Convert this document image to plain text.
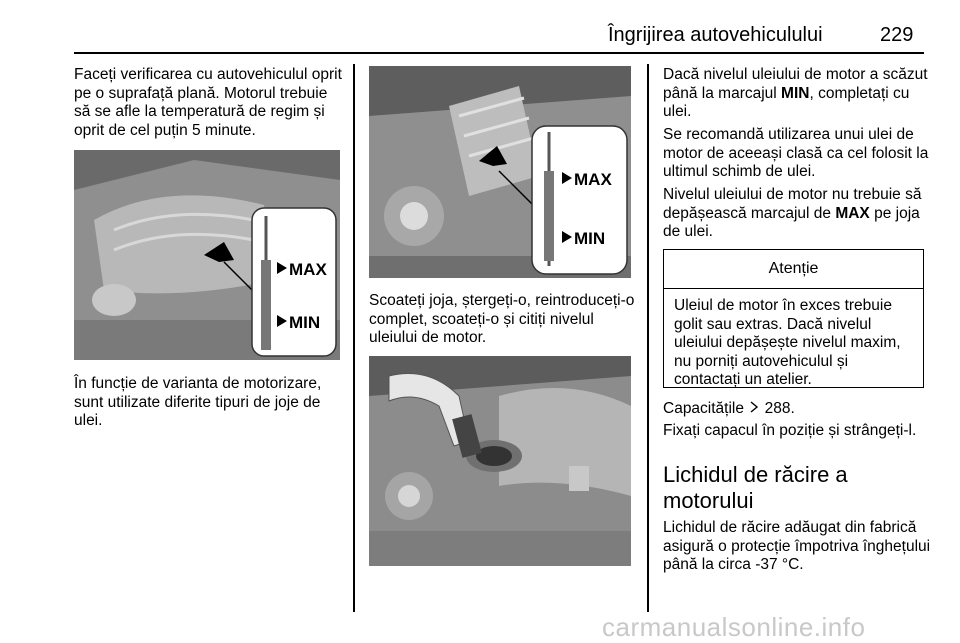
Îngrijirea autovehiculului	229

Faceți verificarea cu autovehiculul oprit pe o suprafață plană. Motorul trebuie să se afle la temperatură de regim și oprit de cel puțin 5 minute.

MAX
MIN

În funcție de varianta de motorizare, sunt utilizate diferite tipuri de joje de ulei.

MAX
MIN

Scoateți joja, ștergeți-o, reintroduceți-o complet, scoateți-o și citiți nivelul uleiului de motor.

Dacă nivelul uleiului de motor a scăzut până la marcajul MIN, completați cu ulei.

Se recomandă utilizarea unui ulei de motor de aceeași clasă ca cel folosit la ultimul schimb de ulei.

Nivelul uleiului de motor nu trebuie să depășească marcajul de MAX pe joja de ulei.

Atenție
Uleiul de motor în exces trebuie golit sau extras. Dacă nivelul uleiului depășește nivelul maxim, nu porniți autovehiculul și contactați un atelier.

Capacitățile 288.

Fixați capacul în poziție și strângeți-l.

Lichidul de răcire a motorului

Lichidul de răcire adăugat din fabrică asigură o protecție împotriva înghețului până la circa -37 °C.

carmanualsonline.info
